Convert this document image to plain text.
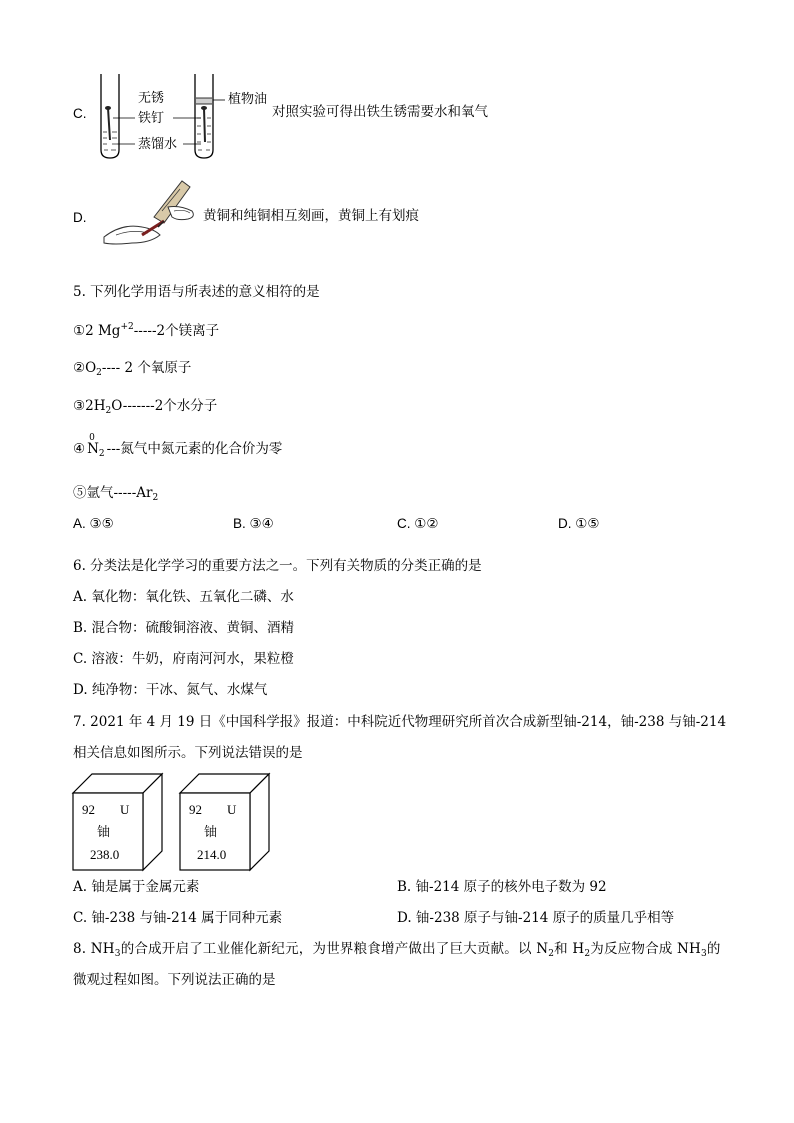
C.
无锈
铁钉
蒸馏水
植物油
对照实验可得出铁生锈需要水和氧气
D.	黄铜和纯铜相互刻画，黄铜上有划痕
5. 下列化学用语与所表述的意义相符的是
①2 $Mg^{+2}-----2$个镁离子
$②O_2----$ 2 个氧原子
$③2H_2O-------2$个水分子
④
0
$N_2$ ---氮气中氮元素的化合价为零
⑤氩气$-----Ar_2$
A. ③⑤	B. ③④	C. ①②	D. ①⑤
6. 分类法是化学学习的重要方法之一。下列有关物质的分类正确的是
A. 氧化物：氧化铁、五氧化二磷、水
B. 混合物：硫酸铜溶液、黄铜、酒精
C. 溶液：牛奶，府南河河水，果粒橙
D. 纯净物：干冰、氮气、水煤气
7. 2021 年 4 月 19 日《中国科学报》报道：中科院近代物理研究所首次合成新型铀-214，铀-238 与铀-214
相关信息如图所示。下列说法错误的是
92 U
铀
238.0
92 U
铀
214.0
A. 铀是属于金属元素	B. 铀-214 原子的核外电子数为 92
C. 铀-238 与铀-214 属于同种元素	D. 铀-238 原子与铀-214 原子的质量几乎相等
8. $NH_3$的合成开启了工业催化新纪元，为世界粮食增产做出了巨大贡献。以 $N_2$和 $H_2$为反应物合成 $NH_3$的
微观过程如图。下列说法正确的是
